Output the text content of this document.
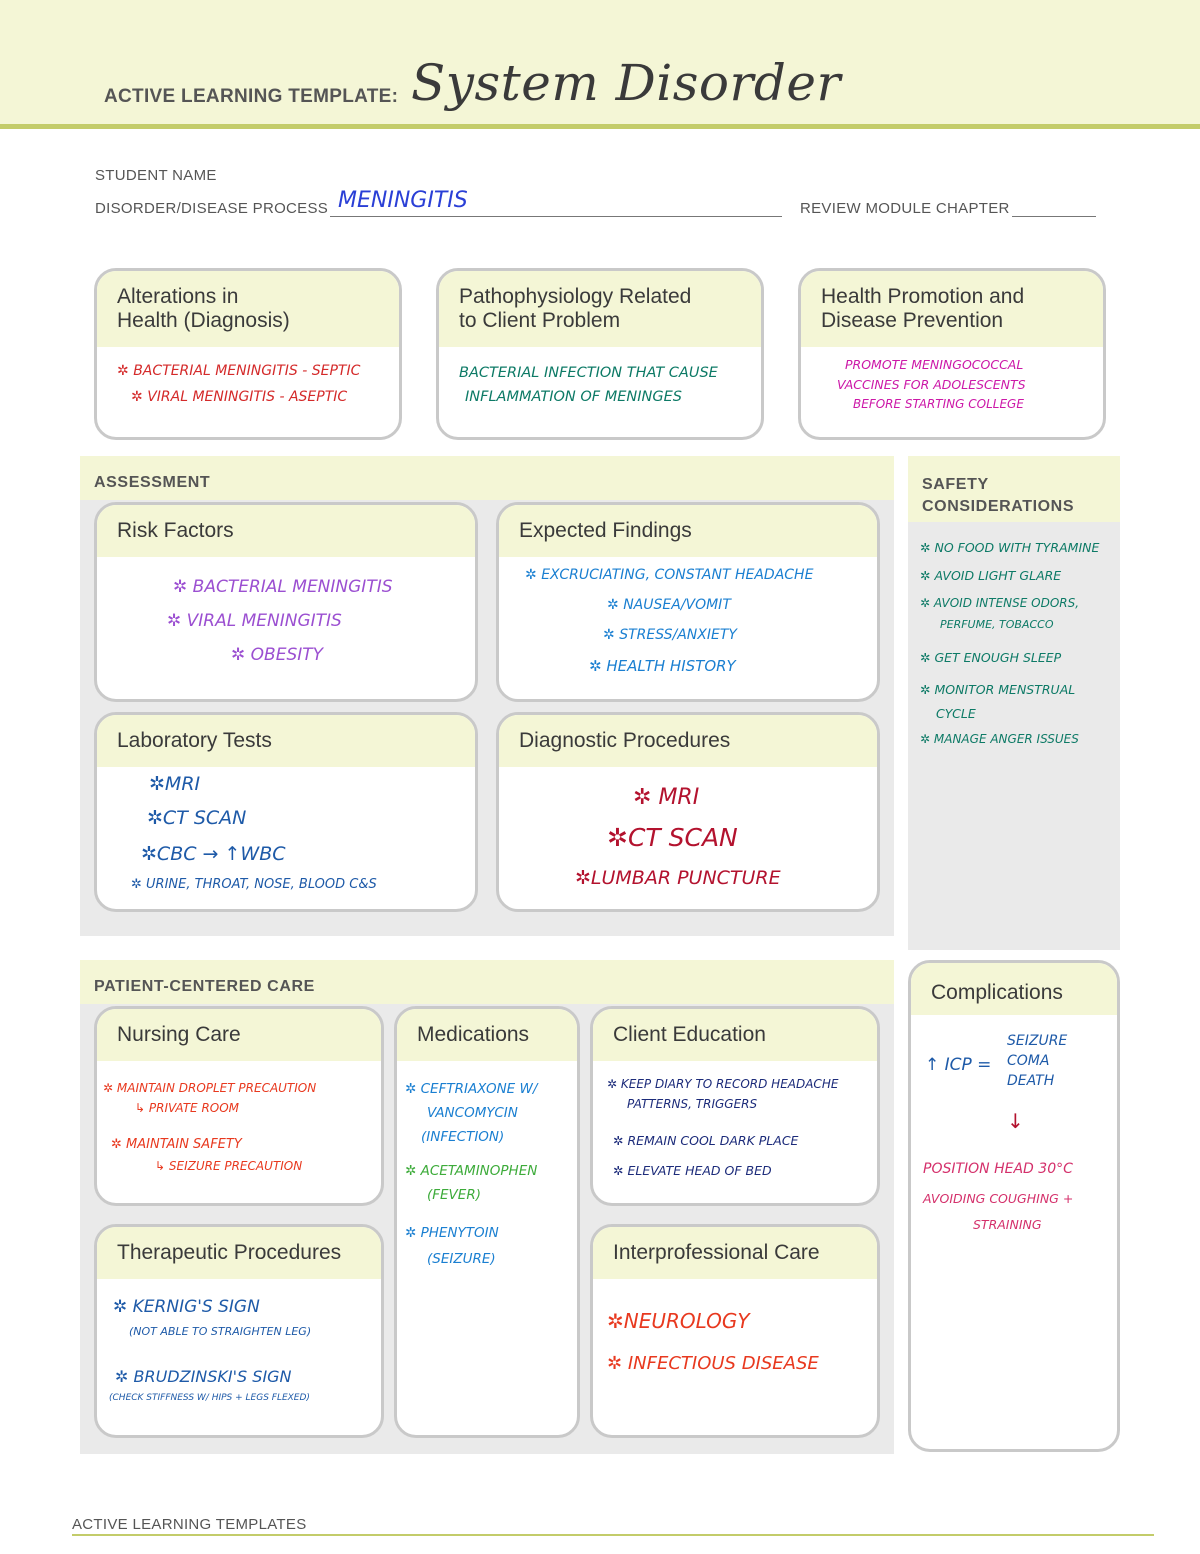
ACTIVE LEARNING TEMPLATE: System Disorder
STUDENT NAME
DISORDER/DISEASE PROCESS MENINGITIS	REVIEW MODULE CHAPTER
Alterations in
Health (Diagnosis)
✲ BACTERIAL MENINGITIS - SEPTIC
✲ VIRAL MENINGITIS - ASEPTIC
Pathophysiology Related
to Client Problem
BACTERIAL INFECTION THAT CAUSE
INFLAMMATION OF MENINGES
Health Promotion and
Disease Prevention
PROMOTE MENINGOCOCCAL
VACCINES FOR ADOLESCENTS
BEFORE STARTING COLLEGE
ASSESSMENT
Risk Factors
✲ BACTERIAL MENINGITIS
✲ VIRAL MENINGITIS
✲ OBESITY
Expected Findings
✲ EXCRUCIATING, CONSTANT HEADACHE
✲ NAUSEA/VOMIT
✲ STRESS/ANXIETY
✲ HEALTH HISTORY
Laboratory Tests
✲MRI
✲CT SCAN
✲CBC → ↑WBC
✲ URINE, THROAT, NOSE, BLOOD C&S
Diagnostic Procedures
✲ MRI
✲CT SCAN
✲LUMBAR PUNCTURE
SAFETY
CONSIDERATIONS
✲ NO FOOD WITH TYRAMINE
✲ AVOID LIGHT GLARE
✲ AVOID INTENSE ODORS,
PERFUME, TOBACCO
✲ GET ENOUGH SLEEP
✲ MONITOR MENSTRUAL
CYCLE
✲ MANAGE ANGER ISSUES
PATIENT-CENTERED CARE
Nursing Care
✲ MAINTAIN DROPLET PRECAUTION
↳ PRIVATE ROOM
✲ MAINTAIN SAFETY
↳ SEIZURE PRECAUTION
Medications
✲ CEFTRIAXONE W/
VANCOMYCIN
(INFECTION)
✲ ACETAMINOPHEN
(FEVER)
✲ PHENYTOIN
(SEIZURE)
Client Education
✲ KEEP DIARY TO RECORD HEADACHE
PATTERNS, TRIGGERS
✲ REMAIN COOL DARK PLACE
✲ ELEVATE HEAD OF BED
Therapeutic Procedures
✲ KERNIG'S SIGN
(NOT ABLE TO STRAIGHTEN LEG)
✲ BRUDZINSKI'S SIGN
(CHECK STIFFNESS W/ HIPS + LEGS FLEXED)
Interprofessional Care
✲NEUROLOGY
✲ INFECTIOUS DISEASE
Complications
↑ ICP =
SEIZURE
COMA
DEATH
↓
POSITION HEAD 30°C
AVOIDING COUGHING +
STRAINING
ACTIVE LEARNING TEMPLATES
